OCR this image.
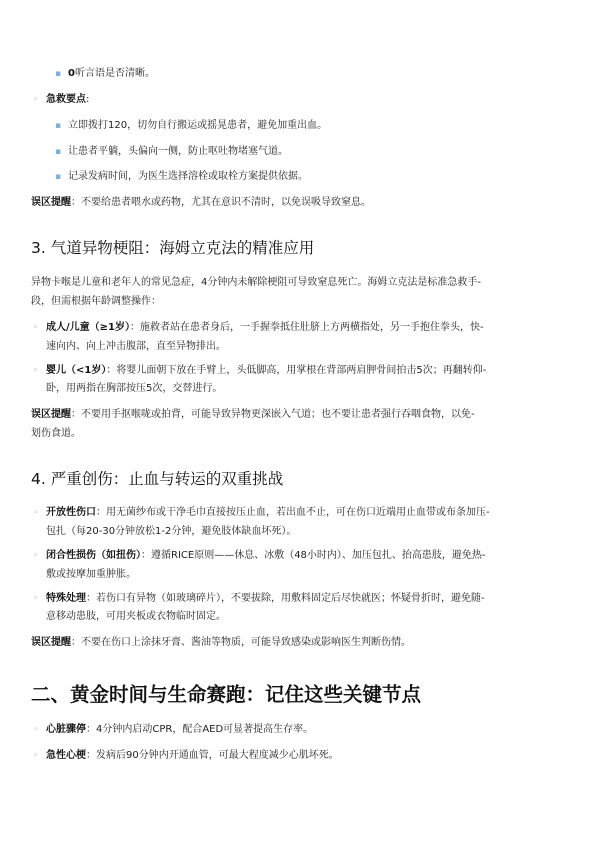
▪ 0听言语是否清晰。
◦ 急救要点:
▪ 立即拨打120，切勿自行搬运或摇晃患者，避免加重出血。
▪ 让患者平躺，头偏向一侧，防止呕吐物堵塞气道。
▪ 记录发病时间，为医生选择溶栓或取栓方案提供依据。
误区提醒：不要给患者喂水或药物，尤其在意识不清时，以免误吸导致窒息。
3. 气道异物梗阻：海姆立克法的精准应用
异物卡喉是儿童和老年人的常见急症，4分钟内未解除梗阻可导致窒息死亡。海姆立克法是标准急救手-
段，但需根据年龄调整操作：
◦ 成人/儿童（≥1岁）：施救者站在患者身后，一手握拳抵住肚脐上方两横指处，另一手抱住拳头，快-
速向内、向上冲击腹部，直至异物排出。
◦ 婴儿（<1岁）：将婴儿面朝下放在手臂上，头低脚高，用掌根在背部两肩胛骨间拍击5次；再翻转仰-
卧，用两指在胸部按压5次，交替进行。
误区提醒：不要用手抠喉咙或拍背，可能导致异物更深嵌入气道；也不要让患者强行吞咽食物，以免-
划伤食道。
4. 严重创伤：止血与转运的双重挑战
◦ 开放性伤口：用无菌纱布或干净毛巾直接按压止血，若出血不止，可在伤口近端用止血带或布条加压-
包扎（每20-30分钟放松1-2分钟，避免肢体缺血坏死）。
◦ 闭合性损伤（如扭伤）：遵循RICE原则——休息、冰敷（48小时内）、加压包扎、抬高患肢，避免热-
敷或按摩加重肿胀。
◦ 特殊处理：若伤口有异物（如玻璃碎片），不要拔除，用敷料固定后尽快就医；怀疑骨折时，避免随-
意移动患肢，可用夹板或衣物临时固定。
误区提醒：不要在伤口上涂抹牙膏、酱油等物质，可能导致感染或影响医生判断伤情。
二、黄金时间与生命赛跑：记住这些关键节点
◦ 心脏骤停：4分钟内启动CPR，配合AED可显著提高生存率。
◦ 急性心梗：发病后90分钟内开通血管，可最大程度减少心肌坏死。
